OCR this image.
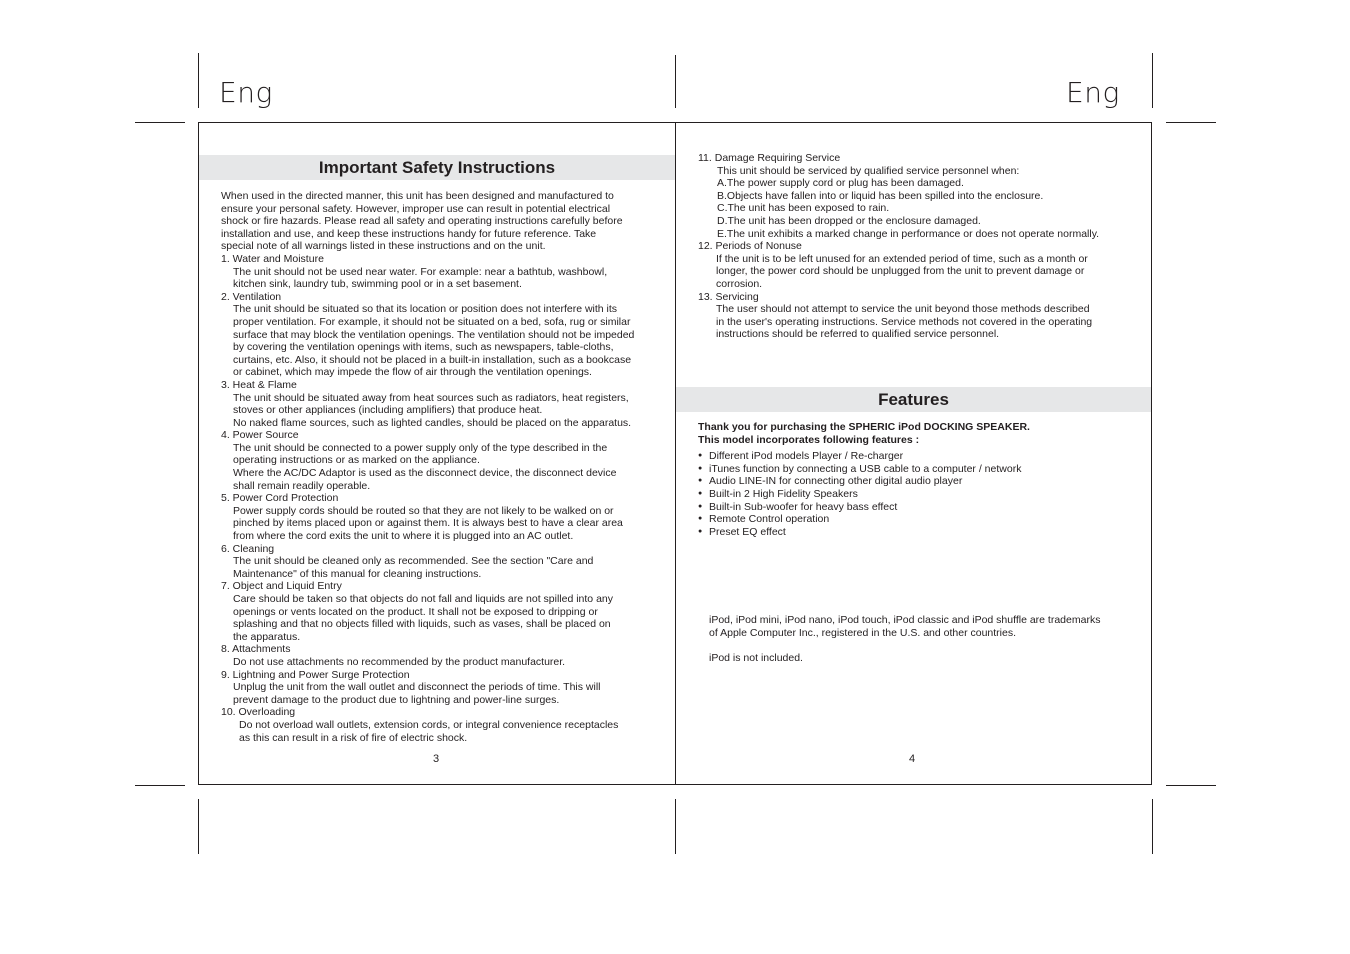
Eng	Eng
Important Safety Instructions

When used in the directed manner, this unit has been designed and manufactured to

ensure your personal safety. However, improper use can result in potential electrical

shock or fire hazards. Please read all safety and operating instructions carefully before

installation and use, and keep these instructions handy for future reference. Take

special note of all warnings listed in these instructions and on the unit.

1. Water and Moisture

The unit should not be used near water. For example: near a bathtub, washbowl,

kitchen sink, laundry tub, swimming pool or in a set basement.

2. Ventilation

The unit should be situated so that its location or position does not interfere with its

proper ventilation. For example, it should not be situated on a bed, sofa, rug or similar

surface that may block the ventilation openings. The ventilation should not be impeded

by covering the ventilation openings with items, such as newspapers, table-cloths,

curtains, etc. Also, it should not be placed in a built-in installation, such as a bookcase

or cabinet, which may impede the flow of air through the ventilation openings.

3. Heat & Flame

The unit should be situated away from heat sources such as radiators, heat registers,

stoves or other appliances (including amplifiers) that produce heat.

No naked flame sources, such as lighted candles, should be placed on the apparatus.

4. Power Source

The unit should be connected to a power supply only of the type described in the

operating instructions or as marked on the appliance.

Where the AC/DC Adaptor is used as the disconnect device, the disconnect device

shall remain readily operable.

5. Power Cord Protection

Power supply cords should be routed so that they are not likely to be walked on or

pinched by items placed upon or against them. It is always best to have a clear area

from where the cord exits the unit to where it is plugged into an AC outlet.

6. Cleaning

The unit should be cleaned only as recommended. See the section "Care and

Maintenance" of this manual for cleaning instructions.

7. Object and Liquid Entry

Care should be taken so that objects do not fall and liquids are not spilled into any

openings or vents located on the product. It shall not be exposed to dripping or

splashing and that no objects filled with liquids, such as vases, shall be placed on

the apparatus.

8. Attachments

Do not use attachments no recommended by the product manufacturer.

9. Lightning and Power Surge Protection

Unplug the unit from the wall outlet and disconnect the periods of time. This will

prevent damage to the product due to lightning and power-line surges.

10. Overloading

Do not overload wall outlets, extension cords, or integral convenience receptacles

as this can result in a risk of fire of electric shock.

3

11. Damage Requiring Service

This unit should be serviced by qualified service personnel when:

A.The power supply cord or plug has been damaged.

B.Objects have fallen into or liquid has been spilled into the enclosure.

C.The unit has been exposed to rain.

D.The unit has been dropped or the enclosure damaged.

E.The unit exhibits a marked change in performance or does not operate normally.

12. Periods of Nonuse

If the unit is to be left unused for an extended period of time, such as a month or

longer, the power cord should be unplugged from the unit to prevent damage or

corrosion.

13. Servicing

The user should not attempt to service the unit beyond those methods described

in the user's operating instructions. Service methods not covered in the operating

instructions should be referred to qualified service personnel.

Features

Thank you for purchasing the SPHERIC iPod DOCKING SPEAKER.

This model incorporates following features :

● Different iPod models Player / Re-charger
● iTunes function by connecting a USB cable to a computer / network
● Audio LINE-IN for connecting other digital audio player
● Built-in 2 High Fidelity Speakers
● Built-in Sub-woofer for heavy bass effect
● Remote Control operation
● Preset EQ effect

iPod, iPod mini, iPod nano, iPod touch, iPod classic and iPod shuffle are trademarks

of Apple Computer Inc., registered in the U.S. and other countries.

iPod is not included.

4
